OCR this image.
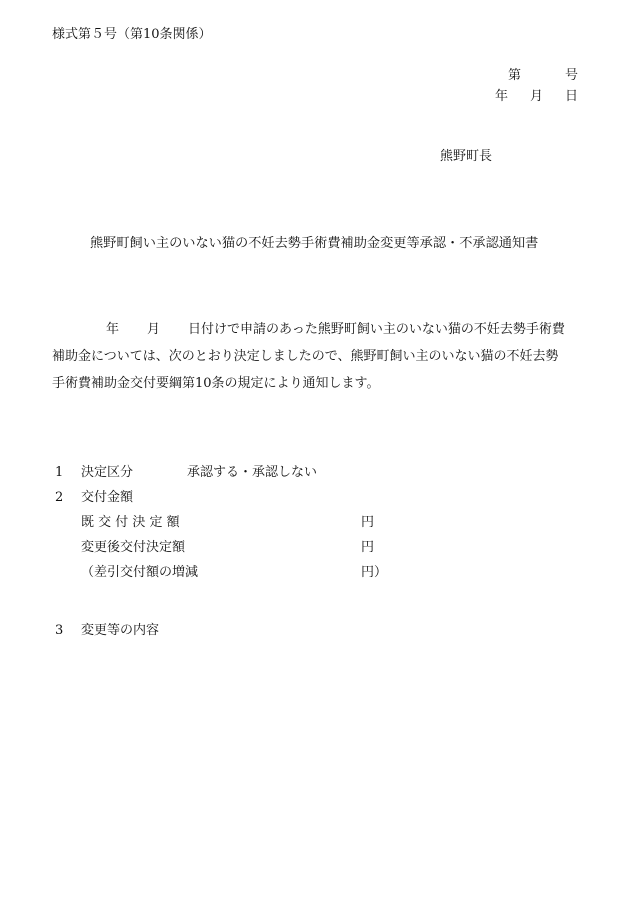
様式第５号（第10条関係）
第	号
年 月 日
熊野町長
熊野町飼い主のいない猫の不妊去勢手術費補助金変更等承認・不承認通知書
年 月 日付けで申請のあった熊野町飼い主のいない猫の不妊去勢手術費
補助金については、次のとおり決定しましたので、熊野町飼い主のいない猫の不妊去勢
手術費補助金交付要綱第10条の規定により通知します。
1 決定区分	承認する・承認しない
2 交付金額
既 交 付 決 定 額	円
変更後交付決定額	円
（差引交付額の増減	円）
3 変更等の内容
